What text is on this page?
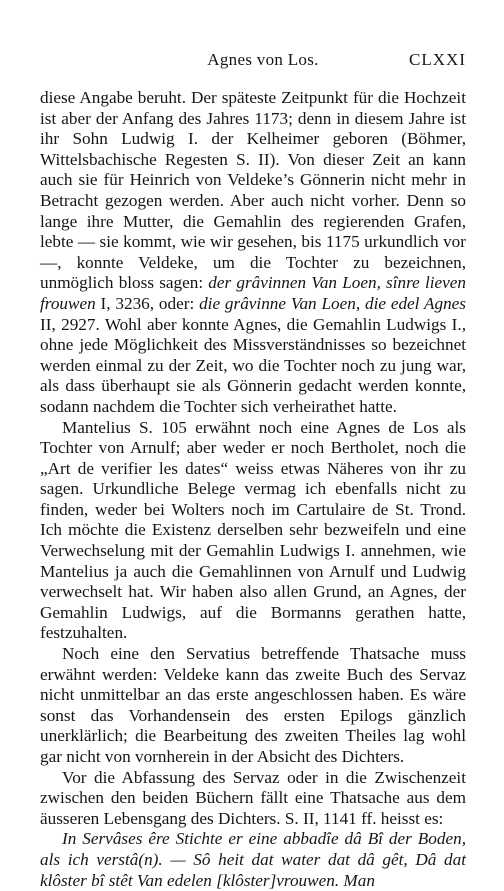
Agnes von Los.	CLXXI

diese Angabe beruht. Der späteste Zeitpunkt für die Hochzeit ist aber der Anfang des Jahres 1173; denn in diesem Jahre ist ihr Sohn Ludwig I. der Kelheimer geboren (Böhmer, Wittelsbachische Regesten S. II). Von dieser Zeit an kann auch sie für Heinrich von Veldeke’s Gönnerin nicht mehr in Betracht gezogen werden. Aber auch nicht vorher. Denn so lange ihre Mutter, die Gemahlin des regierenden Grafen, lebte — sie kommt, wie wir gesehen, bis 1175 urkundlich vor —, konnte Veldeke, um die Tochter zu bezeichnen, unmöglich bloss sagen: der grâvinnen Van Loen, sînre lieven frouwen I, 3236, oder: die grâvinne Van Loen, die edel Agnes II, 2927. Wohl aber konnte Agnes, die Gemahlin Ludwigs I., ohne jede Möglichkeit des Missverständnisses so bezeichnet werden einmal zu der Zeit, wo die Tochter noch zu jung war, als dass überhaupt sie als Gönnerin gedacht werden konnte, sodann nachdem die Tochter sich verheirathet hatte.

Mantelius S. 105 erwähnt noch eine Agnes de Los als Tochter von Arnulf; aber weder er noch Bertholet, noch die „Art de verifier les dates“ weiss etwas Näheres von ihr zu sagen. Urkundliche Belege vermag ich ebenfalls nicht zu finden, weder bei Wolters noch im Cartulaire de St. Trond. Ich möchte die Existenz derselben sehr bezweifeln und eine Verwechselung mit der Gemahlin Ludwigs I. annehmen, wie Mantelius ja auch die Gemahlinnen von Arnulf und Ludwig verwechselt hat. Wir haben also allen Grund, an Agnes, der Gemahlin Ludwigs, auf die Bormanns gerathen hatte, festzuhalten.

Noch eine den Servatius betreffende Thatsache muss erwähnt werden: Veldeke kann das zweite Buch des Servaz nicht unmittelbar an das erste angeschlossen haben. Es wäre sonst das Vorhandensein des ersten Epilogs gänzlich unerklärlich; die Bearbeitung des zweiten Theiles lag wohl gar nicht von vornherein in der Absicht des Dichters.

Vor die Abfassung des Servaz oder in die Zwischenzeit zwischen den beiden Büchern fällt eine Thatsache aus dem äusseren Lebensgang des Dichters. S. II, 1141 ff. heisst es:

In Servâses êre Stichte er eine abbadîe dâ Bî der Boden, als ich verstâ(n). — Sô heit dat water dat dâ gêt, Dâ dat klôster bî stêt Van edelen [klôster]vrouwen. Man
